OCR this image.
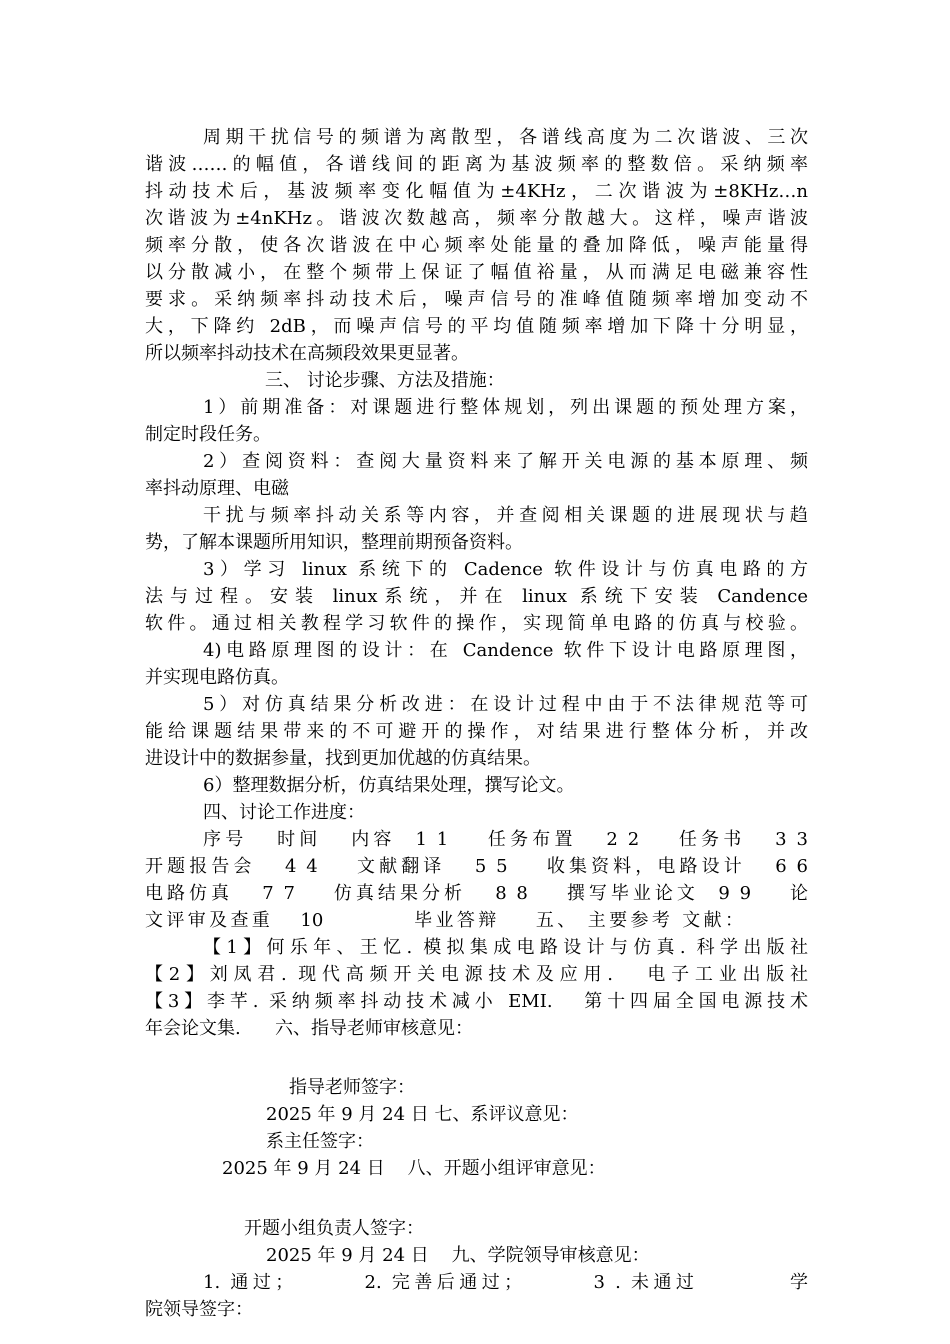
周期干扰信号的频谱为离散型，各谱线高度为二次谐波、三次
谐波……的幅值，各谱线间的距离为基波频率的整数倍。采纳频率
抖动技术后，基波频率变化幅值为±4KHz，二次谐波为±8KHz…n
次谐波为±4nKHz。谐波次数越高，频率分散越大。这样，噪声谐波
频率分散，使各次谐波在中心频率处能量的叠加降低，噪声能量得
以分散减小，在整个频带上保证了幅值裕量，从而满足电磁兼容性
要求。采纳频率抖动技术后，噪声信号的准峰值随频率增加变动不
大，下降约 2dB，而噪声信号的平均值随频率增加下降十分明显，
所以频率抖动技术在高频段效果更显著。
三、 讨论步骤、方法及措施：
1）前期准备：对课题进行整体规划，列出课题的预处理方案，
制定时段任务。
2）查阅资料：查阅大量资料来了解开关电源的基本原理、频
率抖动原理、电磁
干扰与频率抖动关系等内容，并查阅相关课题的进展现状与趋
势，了解本课题所用知识，整理前期预备资料。
3）学习 linux 系统下的 Cadence 软件设计与仿真电路的方
法与过程。安装 linux系统，并在 linux 系统下安装 Candence
软件。通过相关教程学习软件的操作，实现简单电路的仿真与校验。
4)电路原理图的设计：在 Candence 软件下设计电路原理图，
并实现电路仿真。
5）对仿真结果分析改进：在设计过程中由于不法律规范等可
能给课题结果带来的不可避开的操作，对结果进行整体分析，并改
进设计中的数据参量，找到更加优越的仿真结果。
6）整理数据分析，仿真结果处理，撰写论文。
四、讨论工作进度：
序号   时间   内容  1 1    任务布置   2 2    任务书   3 3
开题报告会   4 4    文献翻译   5 5    收集资料，电路设计   6 6
电路仿真   7 7    仿真结果分析   8 8    撰写毕业论文  9 9    论
文评审及查重   10          毕业答辩    五、 主要参考 文献：
【1】何乐年、王忆. 模拟集成电路设计与仿真. 科学出版社
【2】刘凤君. 现代高频开关电源技术及应用.   电子工业出版社
【3】李芊. 采纳频率抖动技术减小 EMI.   第十四届全国电源技术
年会论文集.      六、指导老师审核意见：
指导老师签字：
2025 年 9 月 24 日 七、系评议意见：
系主任签字：
2025 年 9 月 24 日    八、开题小组评审意见：
开题小组负责人签字：
2025 年 9 月 24 日    九、学院领导审核意见：
1. 通过；       2. 完善后通过；       3 . 未通过         学
院领导签字：
